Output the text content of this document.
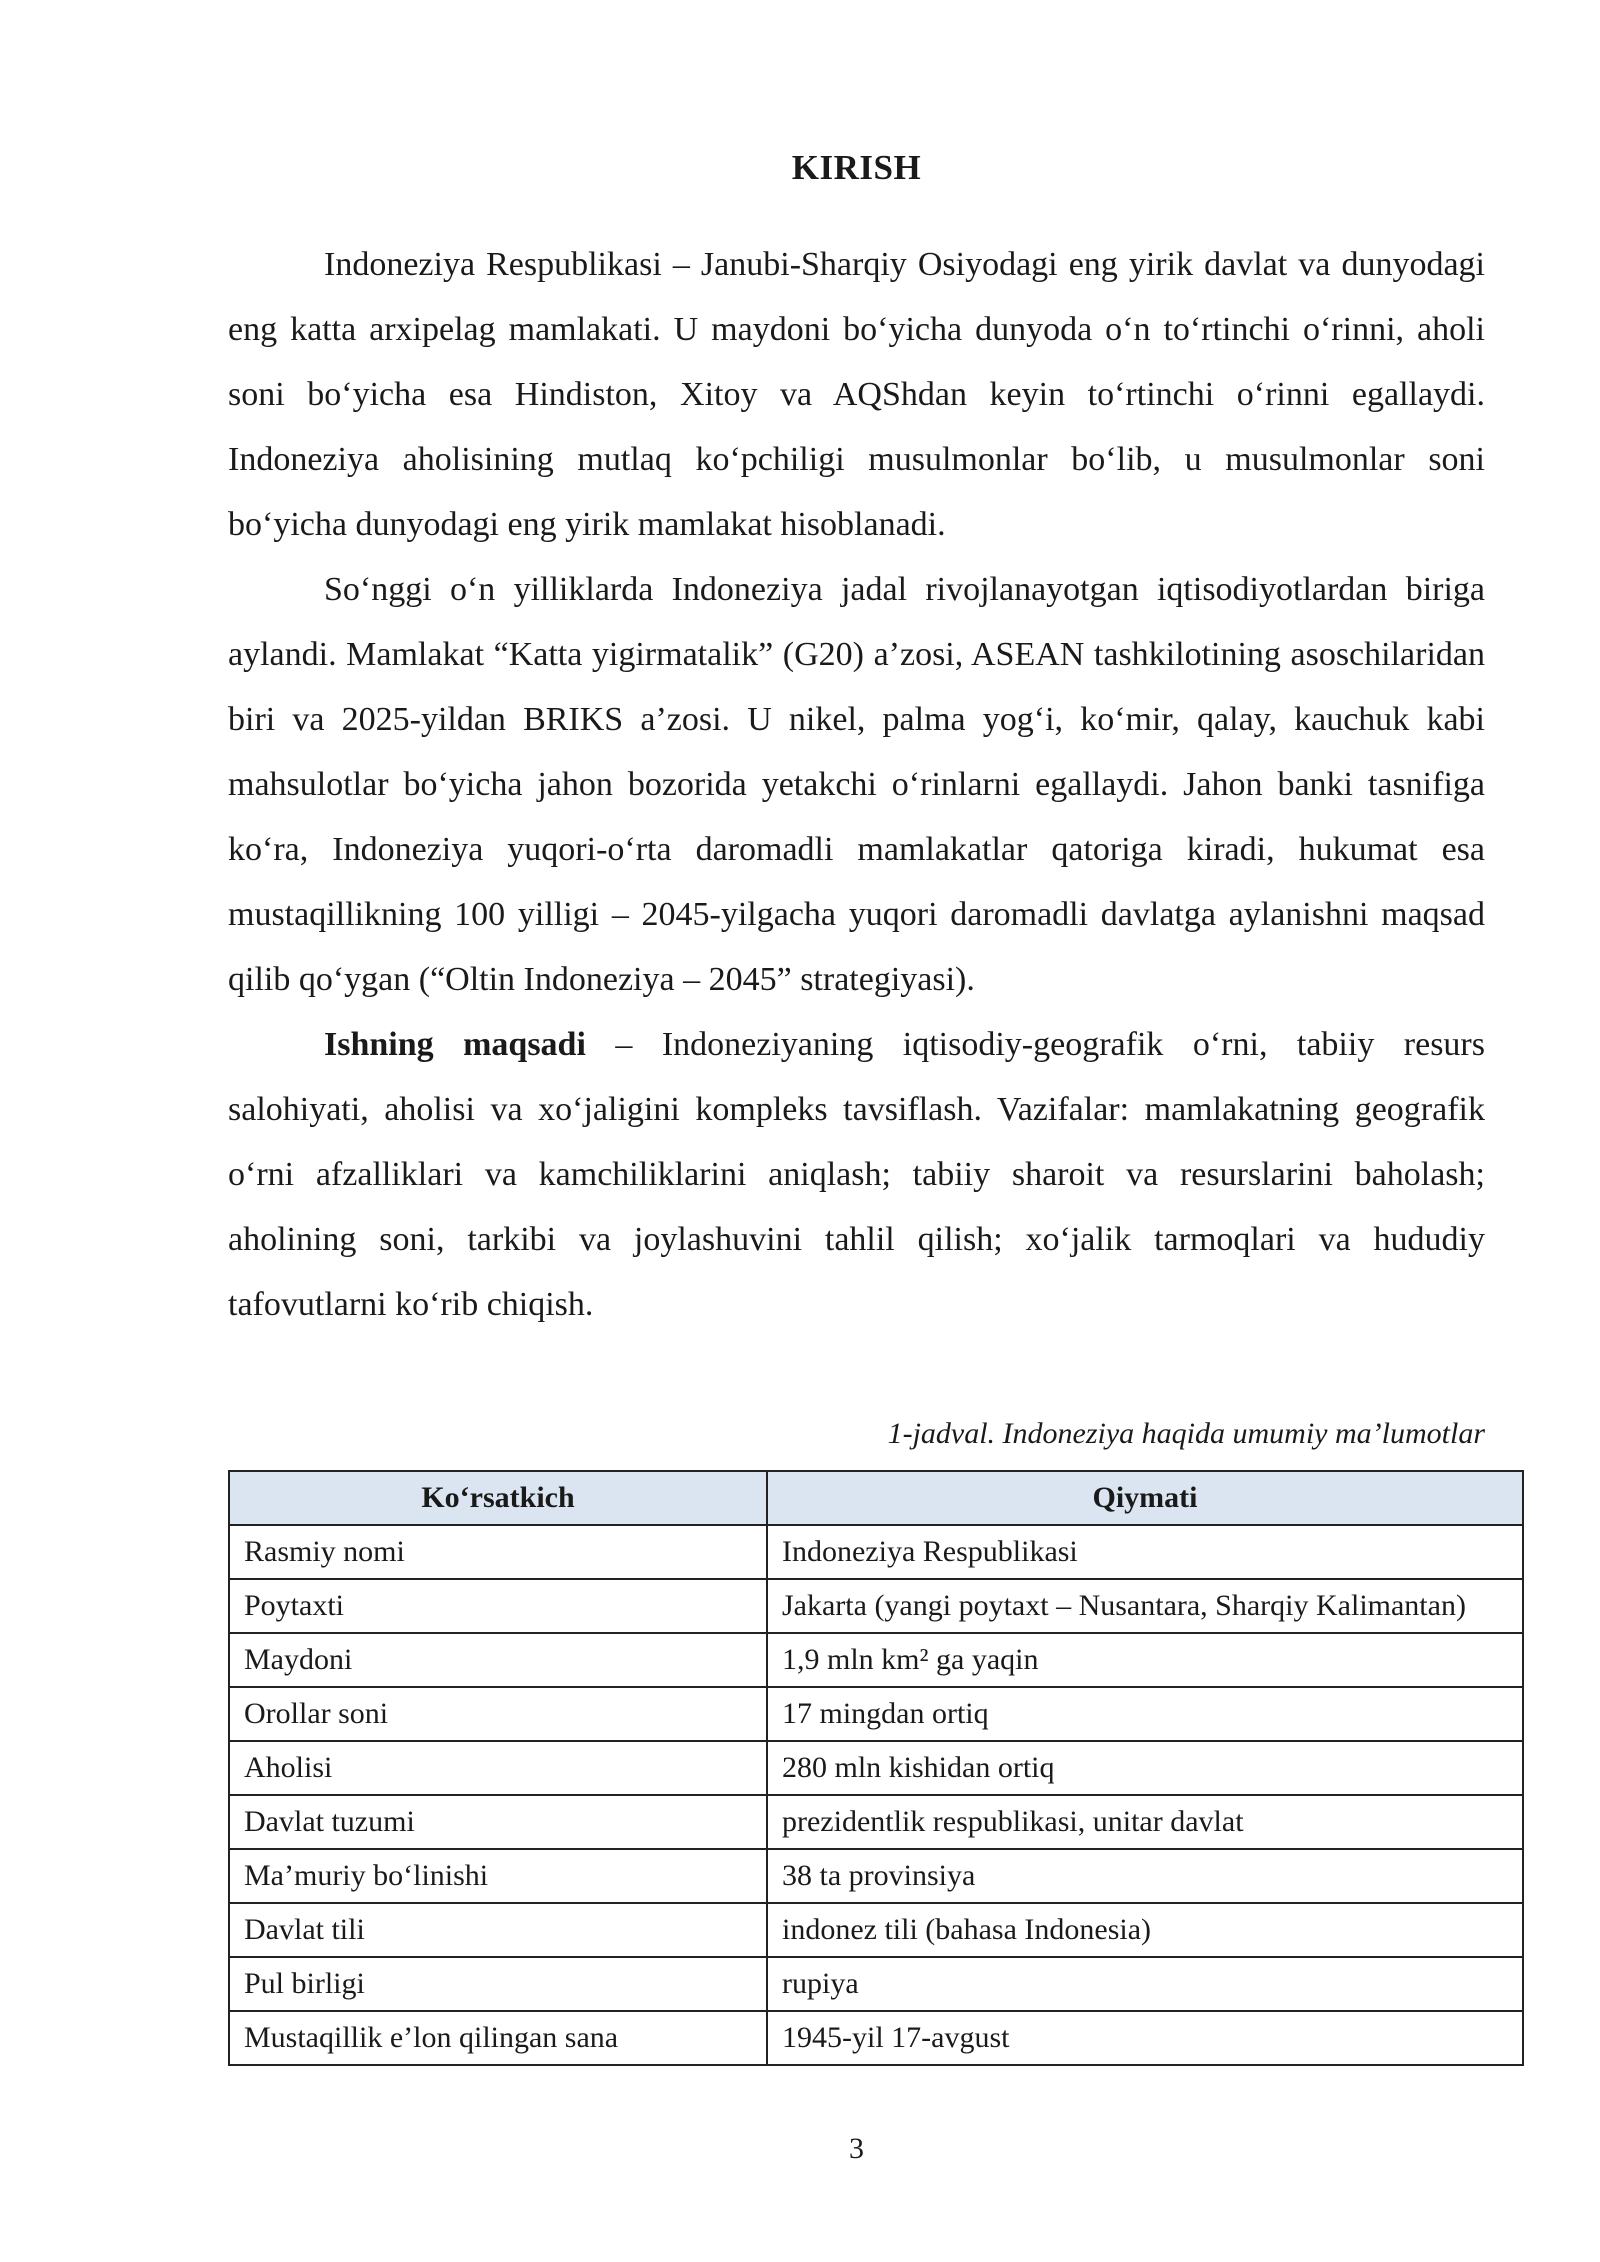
KIRISH

Indoneziya Respublikasi – Janubi-Sharqiy Osiyodagi eng yirik davlat va dunyodagi eng katta arxipelag mamlakati. U maydoni bo‘yicha dunyoda o‘n to‘rtinchi o‘rinni, aholi soni bo‘yicha esa Hindiston, Xitoy va AQShdan keyin to‘rtinchi o‘rinni egallaydi. Indoneziya aholisining mutlaq ko‘pchiligi musulmonlar bo‘lib, u musulmonlar soni bo‘yicha dunyodagi eng yirik mamlakat hisoblanadi.

So‘nggi o‘n yilliklarda Indoneziya jadal rivojlanayotgan iqtisodiyotlardan biriga aylandi. Mamlakat “Katta yigirmatalik” (G20) a’zosi, ASEAN tashkilotining asoschilaridan biri va 2025-yildan BRIKS a’zosi. U nikel, palma yog‘i, ko‘mir, qalay, kauchuk kabi mahsulotlar bo‘yicha jahon bozorida yetakchi o‘rinlarni egallaydi. Jahon banki tasnifiga ko‘ra, Indoneziya yuqori-o‘rta daromadli mamlakatlar qatoriga kiradi, hukumat esa mustaqillikning 100 yilligi – 2045-yilgacha yuqori daromadli davlatga aylanishni maqsad qilib qo‘ygan (“Oltin Indoneziya – 2045” strategiyasi).

Ishning maqsadi – Indoneziyaning iqtisodiy-geografik o‘rni, tabiiy resurs salohiyati, aholisi va xo‘jaligini kompleks tavsiflash. Vazifalar: mamlakatning geografik o‘rni afzalliklari va kamchiliklarini aniqlash; tabiiy sharoit va resurslarini baholash; aholining soni, tarkibi va joylashuvini tahlil qilish; xo‘jalik tarmoqlari va hududiy tafovutlarni ko‘rib chiqish.

1-jadval. Indoneziya haqida umumiy ma’lumotlar
Ko‘rsatkich	Qiymati
Rasmiy nomi	Indoneziya Respublikasi
Poytaxti	Jakarta (yangi poytaxt – Nusantara, Sharqiy Kalimantan)
Maydoni	1,9 mln km² ga yaqin
Orollar soni	17 mingdan ortiq
Aholisi	280 mln kishidan ortiq
Davlat tuzumi	prezidentlik respublikasi, unitar davlat
Ma’muriy bo‘linishi	38 ta provinsiya
Davlat tili	indonez tili (bahasa Indonesia)
Pul birligi	rupiya
Mustaqillik e’lon qilingan sana	1945-yil 17-avgust
3
